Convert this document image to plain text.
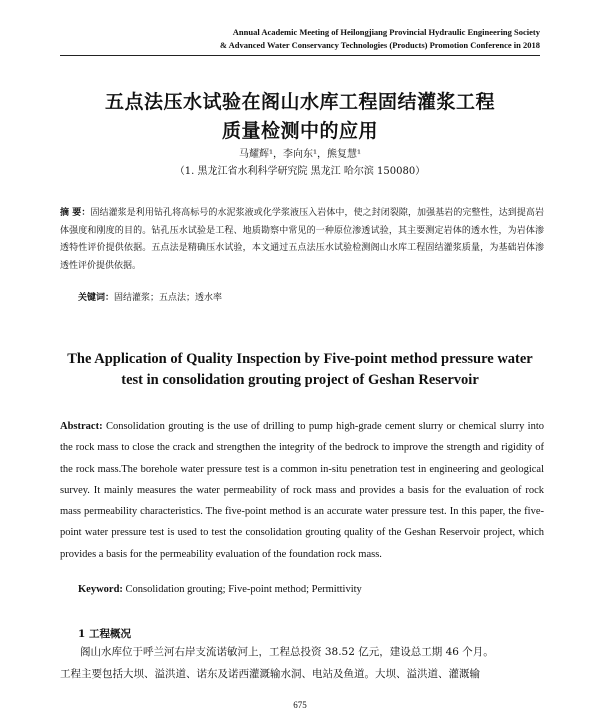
Annual Academic Meeting of Heilongjiang Provincial Hydraulic Engineering Society
& Advanced Water Conservancy Technologies (Products) Promotion Conference in 2018
五点法压水试验在阁山水库工程固结灌浆工程
质量检测中的应用
马耀辉¹，李向东¹，熊复慧¹
（1. 黑龙江省水利科学研究院 黑龙江 哈尔滨 150080）
摘 要：固结灌浆是利用钻孔将高标号的水泥浆液或化学浆液压入岩体中，使之封闭裂隙，加强基岩的完整性，达到提高岩体强度和刚度的目的。钻孔压水试验是工程、地质勘察中常见的一种原位渗透试验，其主要测定岩体的透水性，为岩体渗透特性评价提供依据。五点法是精确压水试验，本文通过五点法压水试验检测阁山水库工程固结灌浆质量，为基础岩体渗透性评价提供依据。
关键词：固结灌浆；五点法；透水率
The Application of Quality Inspection by Five-point method pressure water
test in consolidation grouting project of Geshan Reservoir
Abstract: Consolidation grouting is the use of drilling to pump high-grade cement slurry or chemical slurry into the rock mass to close the crack and strengthen the integrity of the bedrock to improve the strength and rigidity of the rock mass.The borehole water pressure test is a common in-situ penetration test in engineering and geological survey. It mainly measures the water permeability of rock mass and provides a basis for the evaluation of rock mass permeability characteristics. The five-point method is an accurate water pressure test. In this paper, the five-point water pressure test is used to test the consolidation grouting quality of the Geshan Reservoir project, which provides a basis for the permeability evaluation of the foundation rock mass.
Keyword: Consolidation grouting; Five-point method; Permittivity
1 工程概况
阁山水库位于呼兰河右岸支流诺敏河上，工程总投资 38.52 亿元，建设总工期 46 个月。
工程主要包括大坝、溢洪道、诺东及诺西灌溉输水洞、电站及鱼道。大坝、溢洪道、灌溉输
675
